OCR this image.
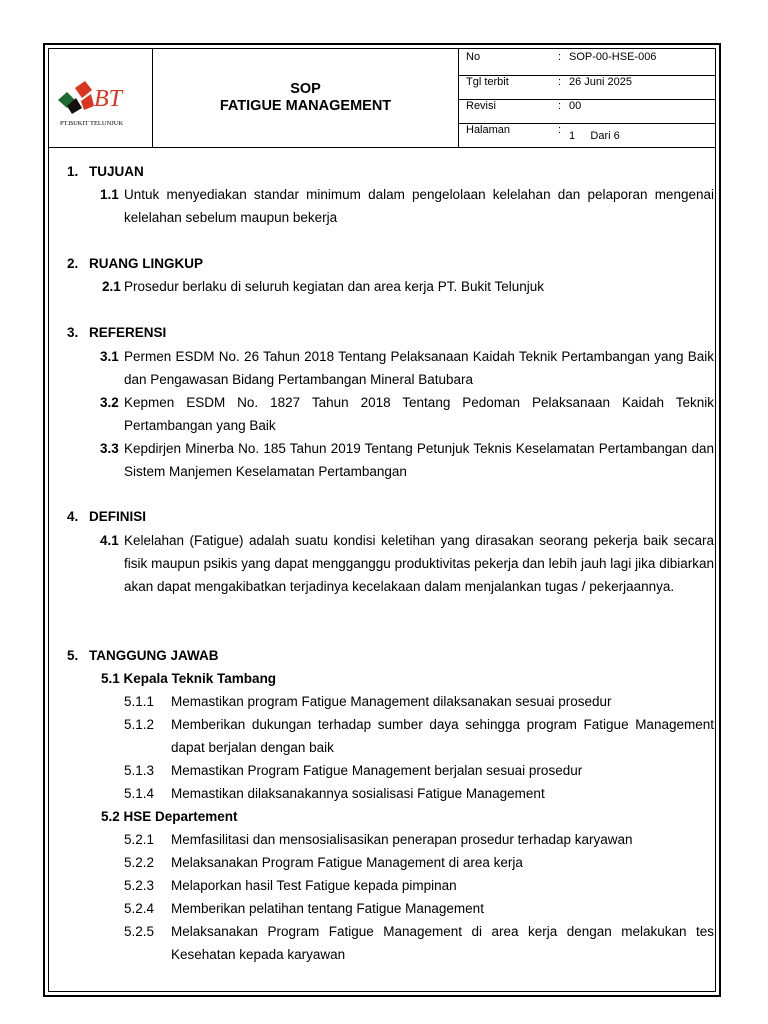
BT
PT.BUKIT TELUNJUK
SOP
FATIGUE MANAGEMENT
No	: SOP-00-HSE-006
Tgl terbit	: 26 Juni 2025
Revisi	: 00
Halaman	: 1     Dari 6
1. TUJUAN
1.1 Untuk menyediakan standar minimum dalam pengelolaan kelelahan dan pelaporan mengenai kelelahan sebelum maupun bekerja
2. RUANG LINGKUP
2.1 Prosedur berlaku di seluruh kegiatan dan area kerja PT. Bukit Telunjuk
3. REFERENSI
3.1 Permen ESDM No. 26 Tahun 2018 Tentang Pelaksanaan Kaidah Teknik Pertambangan yang Baik dan Pengawasan Bidang Pertambangan Mineral Batubara
3.2 Kepmen ESDM No. 1827 Tahun 2018 Tentang Pedoman Pelaksanaan Kaidah Teknik Pertambangan yang Baik
3.3 Kepdirjen Minerba No. 185 Tahun 2019 Tentang Petunjuk Teknis Keselamatan Pertambangan dan Sistem Manjemen Keselamatan Pertambangan
4. DEFINISI
4.1 Kelelahan (Fatigue) adalah suatu kondisi keletihan yang dirasakan seorang pekerja baik secara fisik maupun psikis yang dapat mengganggu produktivitas pekerja dan lebih jauh lagi jika dibiarkan akan dapat mengakibatkan terjadinya kecelakaan dalam menjalankan tugas / pekerjaannya.
5. TANGGUNG JAWAB
5.1 Kepala Teknik Tambang
5.1.1 Memastikan program Fatigue Management dilaksanakan sesuai prosedur
5.1.2 Memberikan dukungan terhadap sumber daya sehingga program Fatigue Management dapat berjalan dengan baik
5.1.3 Memastikan Program Fatigue Management berjalan sesuai prosedur
5.1.4 Memastikan dilaksanakannya sosialisasi Fatigue Management
5.2 HSE Departement
5.2.1 Memfasilitasi dan mensosialisasikan penerapan prosedur terhadap karyawan
5.2.2 Melaksanakan Program Fatigue Management di area kerja
5.2.3 Melaporkan hasil Test Fatigue kepada pimpinan
5.2.4 Memberikan pelatihan tentang Fatigue Management
5.2.5 Melaksanakan Program Fatigue Management di area kerja dengan melakukan tes Kesehatan kepada karyawan
